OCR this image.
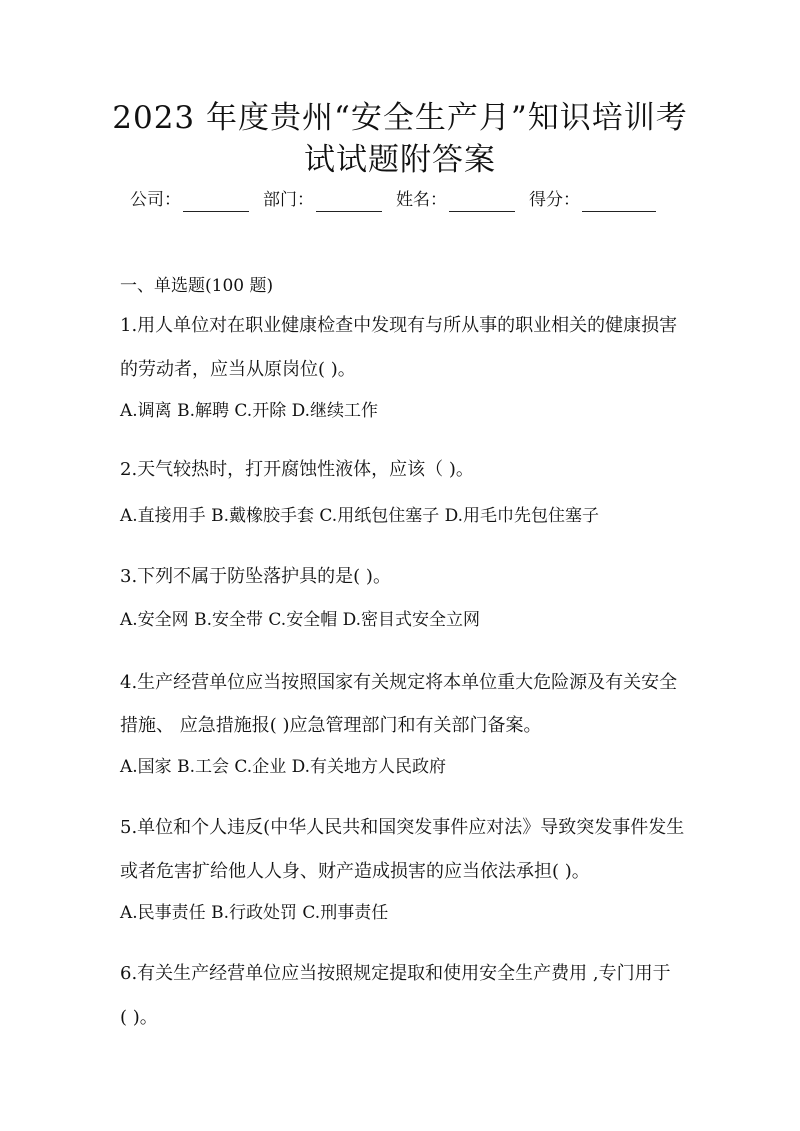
2023 年度贵州“安全生产月”知识培训考
试试题附答案
公司：	部门：	姓名：	得分：
一、单选题(100 题)
1.用人单位对在职业健康检查中发现有与所从事的职业相关的健康损害
的劳动者，应当从原岗位( )。
A.调离 B.解聘 C.开除 D.继续工作
2.天气较热时，打开腐蚀性液体，应该（ )。
A.直接用手 B.戴橡胶手套 C.用纸包住塞子 D.用毛巾先包住塞子
3.下列不属于防坠落护具的是( )。
A.安全网 B.安全带 C.安全帽 D.密目式安全立网
4.生产经营单位应当按照国家有关规定将本单位重大危险源及有关安全
措施、 应急措施报( )应急管理部门和有关部门备案。
A.国家 B.工会 C.企业 D.有关地方人民政府
5.单位和个人违反(中华人民共和国突发事件应对法》导致突发事件发生
或者危害扩给他人人身、财产造成损害的应当依法承担( )。
A.民事责任 B.行政处罚 C.刑事责任
6.有关生产经营单位应当按照规定提取和使用安全生产费用 ,专门用于
( )。
